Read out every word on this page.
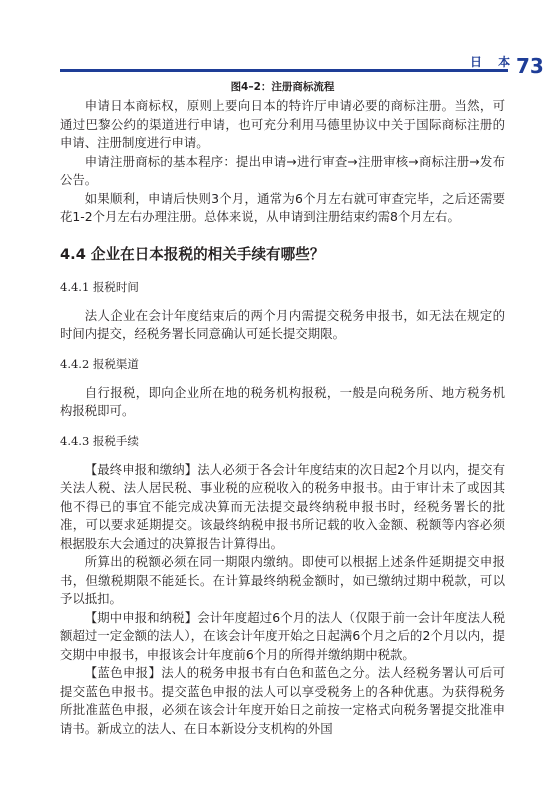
日 本 73
图4–2：注册商标流程

申请日本商标权，原则上要向日本的特许厅申请必要的商标注册。当然，可通过巴黎公约的渠道进行申请，也可充分利用马德里协议中关于国际商标注册的申请、注册制度进行申请。

申请注册商标的基本程序：提出申请→进行审查→注册审核→商标注册→发布公告。

如果顺利，申请后快则3个月，通常为6个月左右就可审查完毕，之后还需要花1-2个月左右办理注册。总体来说，从申请到注册结束约需8个月左右。

4.4 企业在日本报税的相关手续有哪些？
4.4.1 报税时间

法人企业在会计年度结束后的两个月内需提交税务申报书，如无法在规定的时间内提交，经税务署长同意确认可延长提交期限。

4.4.2 报税渠道

自行报税，即向企业所在地的税务机构报税，一般是向税务所、地方税务机构报税即可。

4.4.3 报税手续

【最终申报和缴纳】法人必须于各会计年度结束的次日起2个月以内，提交有关法人税、法人居民税、事业税的应税收入的税务申报书。由于审计未了或因其他不得已的事宜不能完成决算而无法提交最终纳税申报书时，经税务署长的批准，可以要求延期提交。该最终纳税申报书所记载的收入金额、税额等内容必须根据股东大会通过的决算报告计算得出。

所算出的税额必须在同一期限内缴纳。即使可以根据上述条件延期提交申报书，但缴税期限不能延长。在计算最终纳税金额时，如已缴纳过期中税款，可以予以抵扣。

【期中申报和纳税】会计年度超过6个月的法人（仅限于前一会计年度法人税额超过一定金额的法人），在该会计年度开始之日起满6个月之后的2个月以内，提交期中申报书，申报该会计年度前6个月的所得并缴纳期中税款。

【蓝色申报】法人的税务申报书有白色和蓝色之分。法人经税务署认可后可提交蓝色申报书。提交蓝色申报的法人可以享受税务上的各种优惠。为获得税务所批准蓝色申报，必须在该会计年度开始日之前按一定格式向税务署提交批准申请书。新成立的法人、在日本新设分支机构的外国
